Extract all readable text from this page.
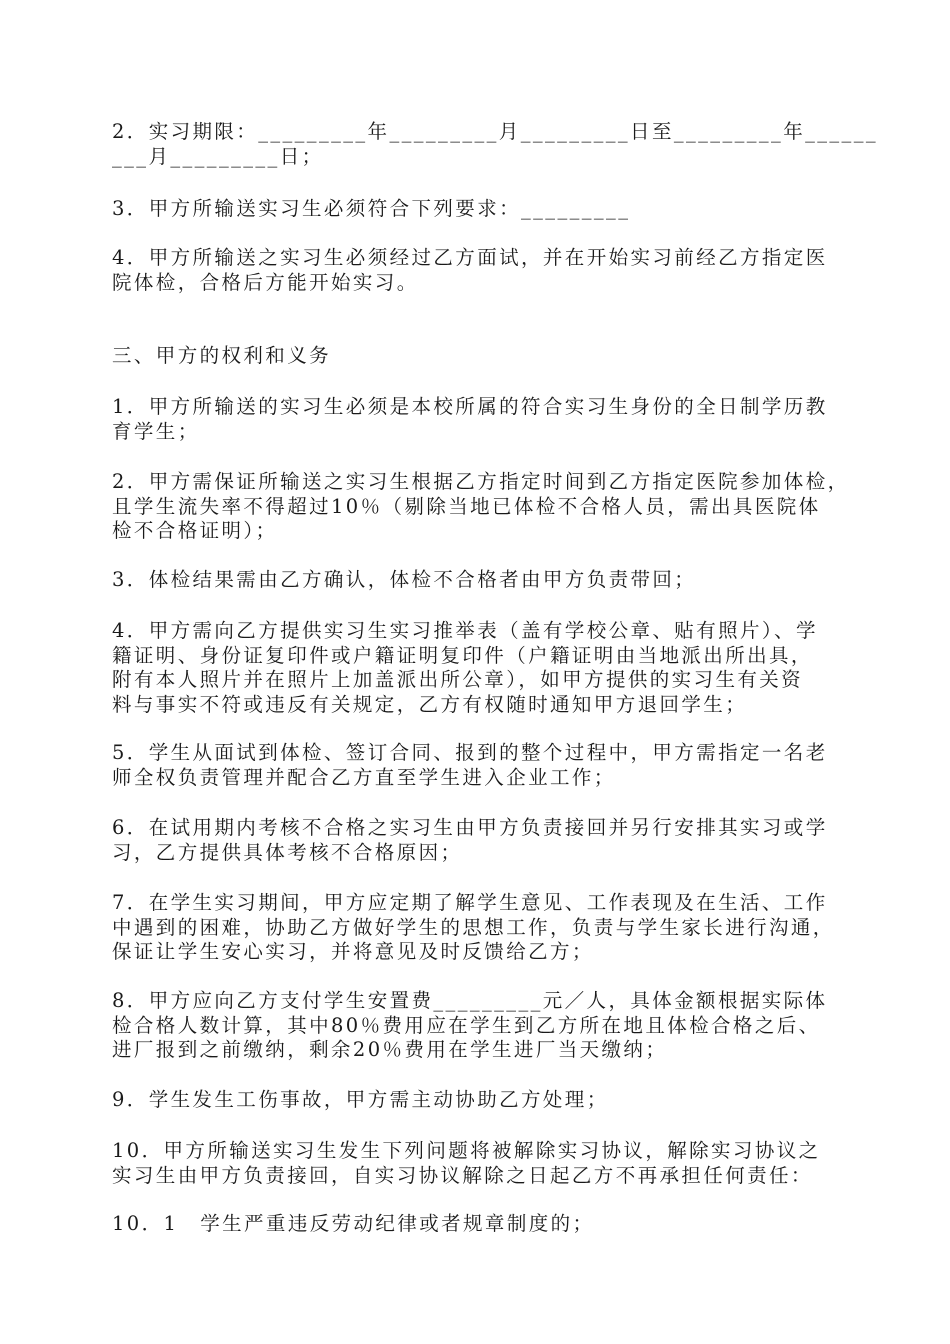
2．实习期限：_________年_________月_________日至_________年______
___月_________日；
3．甲方所输送实习生必须符合下列要求：_________
4．甲方所输送之实习生必须经过乙方面试，并在开始实习前经乙方指定医
院体检，合格后方能开始实习。
三、甲方的权利和义务
1．甲方所输送的实习生必须是本校所属的符合实习生身份的全日制学历教
育学生；
2．甲方需保证所输送之实习生根据乙方指定时间到乙方指定医院参加体检，
且学生流失率不得超过10％（剔除当地已体检不合格人员，需出具医院体
检不合格证明）；
3．体检结果需由乙方确认，体检不合格者由甲方负责带回；
4．甲方需向乙方提供实习生实习推举表（盖有学校公章、贴有照片）、学
籍证明、身份证复印件或户籍证明复印件（户籍证明由当地派出所出具，
附有本人照片并在照片上加盖派出所公章），如甲方提供的实习生有关资
料与事实不符或违反有关规定，乙方有权随时通知甲方退回学生；
5．学生从面试到体检、签订合同、报到的整个过程中，甲方需指定一名老
师全权负责管理并配合乙方直至学生进入企业工作；
6．在试用期内考核不合格之实习生由甲方负责接回并另行安排其实习或学
习，乙方提供具体考核不合格原因；
7．在学生实习期间，甲方应定期了解学生意见、工作表现及在生活、工作
中遇到的困难，协助乙方做好学生的思想工作，负责与学生家长进行沟通，
保证让学生安心实习，并将意见及时反馈给乙方；
8．甲方应向乙方支付学生安置费_________元／人，具体金额根据实际体
检合格人数计算，其中80％费用应在学生到乙方所在地且体检合格之后、
进厂报到之前缴纳，剩余20％费用在学生进厂当天缴纳；
9．学生发生工伤事故，甲方需主动协助乙方处理；
10．甲方所输送实习生发生下列问题将被解除实习协议，解除实习协议之
实习生由甲方负责接回，自实习协议解除之日起乙方不再承担任何责任：
10．1　学生严重违反劳动纪律或者规章制度的；
